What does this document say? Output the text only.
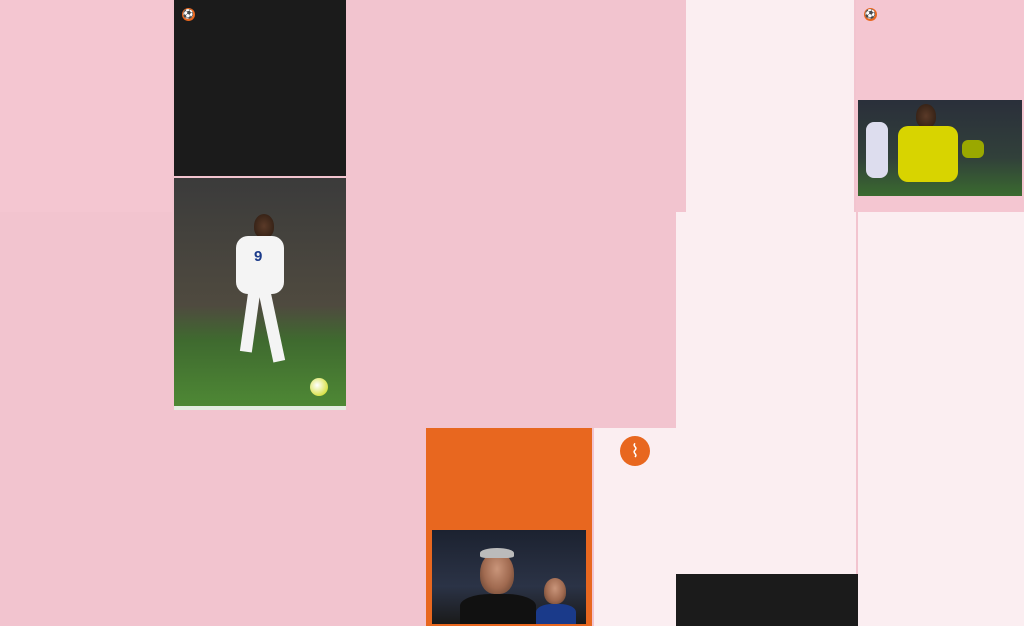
⚽
9
⌇
⚽
